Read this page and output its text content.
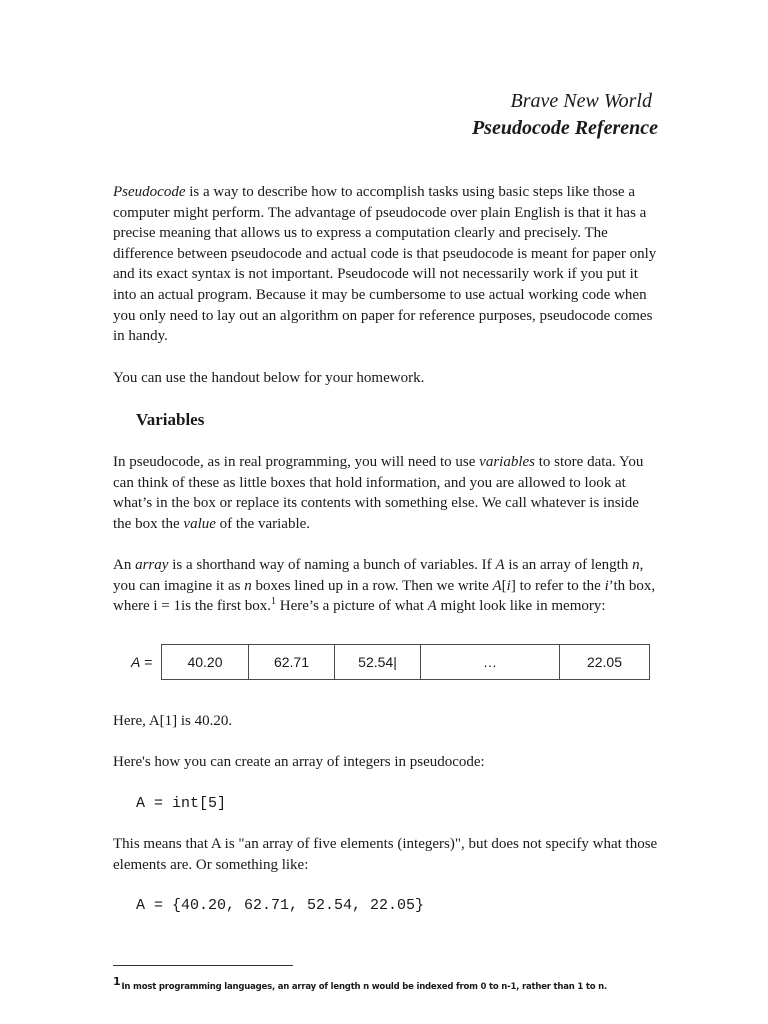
Brave New World
Pseudocode Reference

Pseudocode is a way to describe how to accomplish tasks using basic steps like those a computer might perform. The advantage of pseudocode over plain English is that it has a precise meaning that allows us to express a computation clearly and precisely. The difference between pseudocode and actual code is that pseudocode is meant for paper only and its exact syntax is not important. Pseudocode will not necessarily work if you put it into an actual program. Because it may be cumbersome to use actual working code when you only need to lay out an algorithm on paper for reference purposes, pseudocode comes in handy.

You can use the handout below for your homework.

Variables

In pseudocode, as in real programming, you will need to use variables to store data. You can think of these as little boxes that hold information, and you are allowed to look at what’s in the box or replace its contents with something else. We call whatever is inside the box the value of the variable.

An array is a shorthand way of naming a bunch of variables. If A is an array of length n, you can imagine it as n boxes lined up in a row. Then we write A[i] to refer to the i’th box, where i = 1is the first box.$^1$ Here’s a picture of what A might look like in memory:

A =	40.20	62.71	52.54|	…	22.05

Here, A[1] is 40.20.

Here's how you can create an array of integers in pseudocode:

A = int[5]

This means that A is "an array of five elements (integers)", but does not specify what those elements are. Or something like:

A = {40.20, 62.71, 52.54, 22.05}
$^1$In most programming languages, an array of length n would be indexed from 0 to n-1, rather than 1 to n.
